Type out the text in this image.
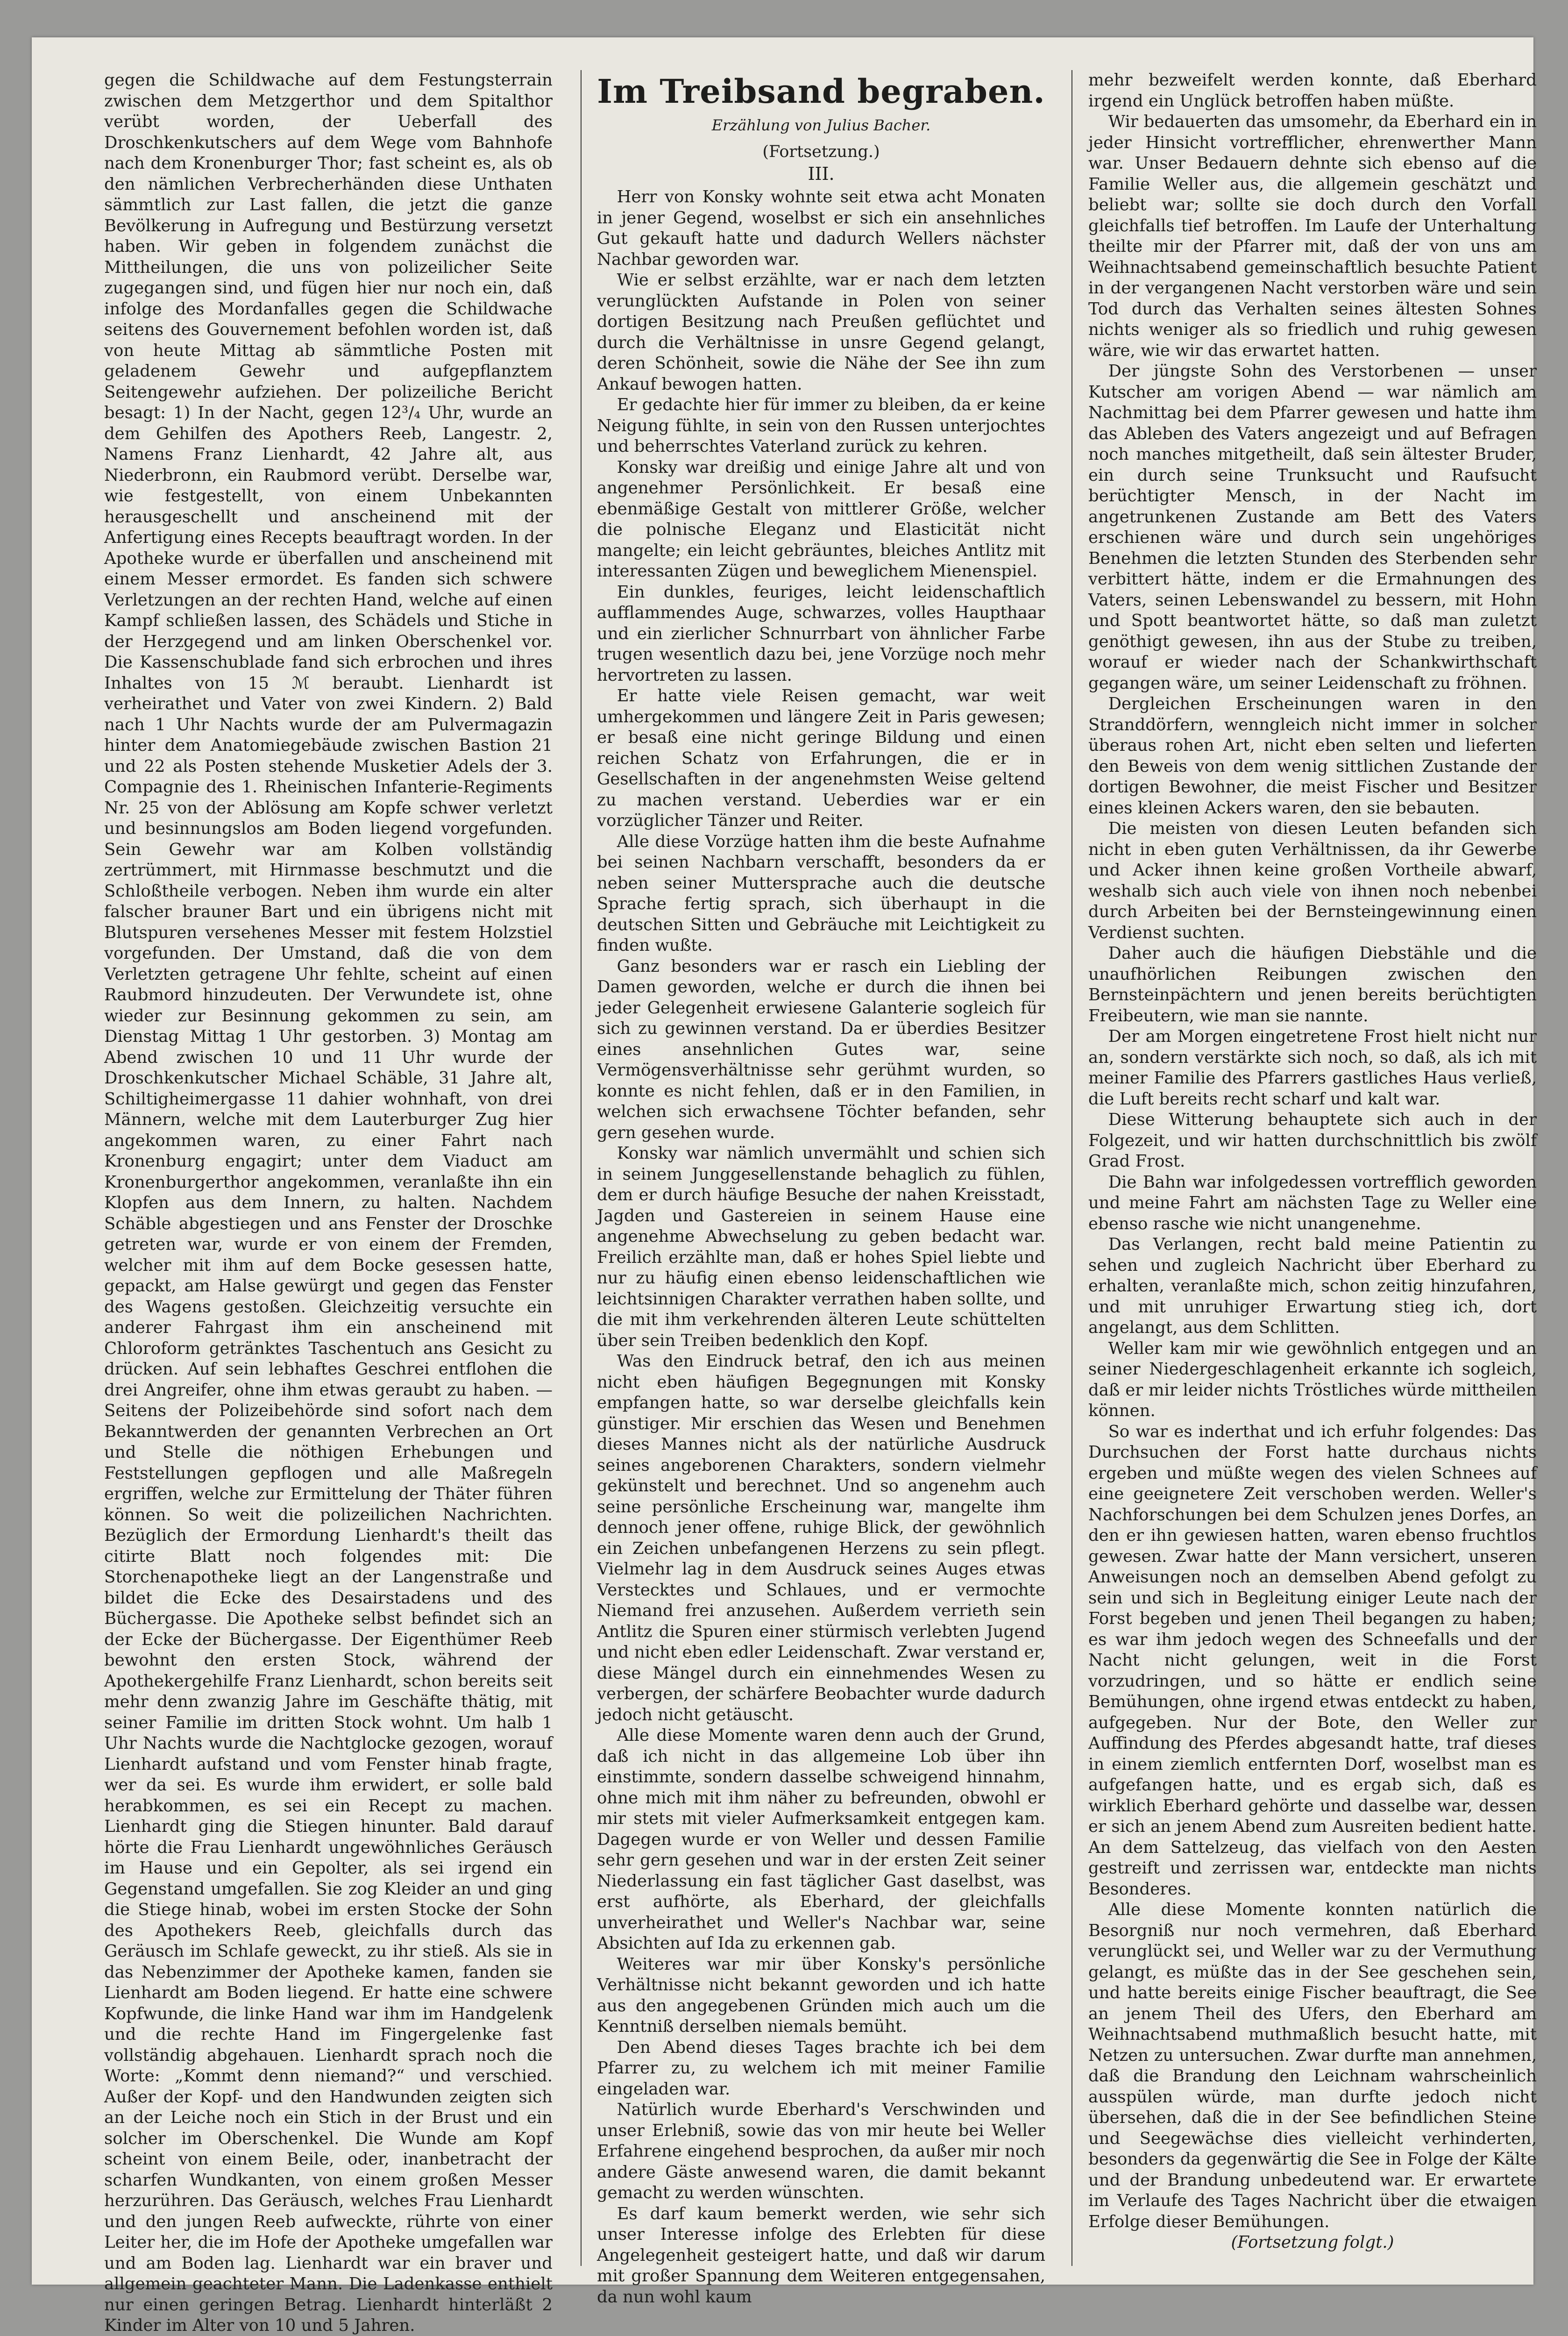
gegen die Schildwache auf dem Festungsterrain zwischen dem Metzgerthor und dem Spitalthor verübt worden, der Ueberfall des Droschkenkutschers auf dem Wege vom Bahnhofe nach dem Kronenburger Thor; fast scheint es, als ob den nämlichen Verbrecherhänden diese Unthaten sämmtlich zur Last fallen, die jetzt die ganze Bevölkerung in Aufregung und Bestürzung versetzt haben. Wir geben in folgendem zunächst die Mittheilungen, die uns von polizeilicher Seite zugegangen sind, und fügen hier nur noch ein, daß infolge des Mordanfalles gegen die Schildwache seitens des Gouvernement befohlen worden ist, daß von heute Mittag ab sämmtliche Posten mit geladenem Gewehr und aufgepflanztem Seitengewehr aufziehen. Der polizeiliche Bericht besagt: 1) In der Nacht, gegen 12³/₄ Uhr, wurde an dem Gehilfen des Apothers Reeb, Langestr. 2, Namens Franz Lienhardt, 42 Jahre alt, aus Niederbronn, ein Raubmord verübt. Derselbe war, wie festgestellt, von einem Unbekannten herausgeschellt und anscheinend mit der Anfertigung eines Recepts beauftragt worden. In der Apotheke wurde er überfallen und anscheinend mit einem Messer ermordet. Es fanden sich schwere Verletzungen an der rechten Hand, welche auf einen Kampf schließen lassen, des Schädels und Stiche in der Herzgegend und am linken Oberschenkel vor. Die Kassenschublade fand sich erbrochen und ihres Inhaltes von 15 ℳ beraubt. Lienhardt ist verheirathet und Vater von zwei Kindern. 2) Bald nach 1 Uhr Nachts wurde der am Pulvermagazin hinter dem Anatomiegebäude zwischen Bastion 21 und 22 als Posten stehende Musketier Adels der 3. Compagnie des 1. Rheinischen Infanterie-Regiments Nr. 25 von der Ablösung am Kopfe schwer verletzt und besinnungslos am Boden liegend vorgefunden. Sein Gewehr war am Kolben vollständig zertrümmert, mit Hirnmasse beschmutzt und die Schloßtheile verbogen. Neben ihm wurde ein alter falscher brauner Bart und ein übrigens nicht mit Blutspuren versehenes Messer mit festem Holzstiel vorgefunden. Der Umstand, daß die von dem Verletzten getragene Uhr fehlte, scheint auf einen Raubmord hinzudeuten. Der Verwundete ist, ohne wieder zur Besinnung gekommen zu sein, am Dienstag Mittag 1 Uhr gestorben. 3) Montag am Abend zwischen 10 und 11 Uhr wurde der Droschkenkutscher Michael Schäble, 31 Jahre alt, Schiltigheimergasse 11 dahier wohnhaft, von drei Männern, welche mit dem Lauterburger Zug hier angekommen waren, zu einer Fahrt nach Kronenburg engagirt; unter dem Viaduct am Kronenburgerthor angekommen, veranlaßte ihn ein Klopfen aus dem Innern, zu halten. Nachdem Schäble abgestiegen und ans Fenster der Droschke getreten war, wurde er von einem der Fremden, welcher mit ihm auf dem Bocke gesessen hatte, gepackt, am Halse gewürgt und gegen das Fenster des Wagens gestoßen. Gleichzeitig versuchte ein anderer Fahrgast ihm ein anscheinend mit Chloroform getränktes Taschentuch ans Gesicht zu drücken. Auf sein lebhaftes Geschrei entflohen die drei Angreifer, ohne ihm etwas geraubt zu haben. — Seitens der Polizeibehörde sind sofort nach dem Bekanntwerden der genannten Verbrechen an Ort und Stelle die nöthigen Erhebungen und Feststellungen gepflogen und alle Maßregeln ergriffen, welche zur Ermittelung der Thäter führen können. So weit die polizeilichen Nachrichten. Bezüglich der Ermordung Lienhardt's theilt das citirte Blatt noch folgendes mit: Die Storchenapotheke liegt an der Langenstraße und bildet die Ecke des Desairstadens und des Büchergasse. Die Apotheke selbst befindet sich an der Ecke der Büchergasse. Der Eigenthümer Reeb bewohnt den ersten Stock, während der Apothekergehilfe Franz Lienhardt, schon bereits seit mehr denn zwanzig Jahre im Geschäfte thätig, mit seiner Familie im dritten Stock wohnt. Um halb 1 Uhr Nachts wurde die Nachtglocke gezogen, worauf Lienhardt aufstand und vom Fenster hinab fragte, wer da sei. Es wurde ihm erwidert, er solle bald herabkommen, es sei ein Recept zu machen. Lienhardt ging die Stiegen hinunter. Bald darauf hörte die Frau Lienhardt ungewöhnliches Geräusch im Hause und ein Gepolter, als sei irgend ein Gegenstand umgefallen. Sie zog Kleider an und ging die Stiege hinab, wobei im ersten Stocke der Sohn des Apothekers Reeb, gleichfalls durch das Geräusch im Schlafe geweckt, zu ihr stieß. Als sie in das Nebenzimmer der Apotheke kamen, fanden sie Lienhardt am Boden liegend. Er hatte eine schwere Kopfwunde, die linke Hand war ihm im Handgelenk und die rechte Hand im Fingergelenke fast vollständig abgehauen. Lienhardt sprach noch die Worte: „Kommt denn niemand?“ und verschied. Außer der Kopf- und den Handwunden zeigten sich an der Leiche noch ein Stich in der Brust und ein solcher im Oberschenkel. Die Wunde am Kopf scheint von einem Beile, oder, inanbetracht der scharfen Wundkanten, von einem großen Messer herzurühren. Das Geräusch, welches Frau Lienhardt und den jungen Reeb aufweckte, rührte von einer Leiter her, die im Hofe der Apotheke umgefallen war und am Boden lag. Lienhardt war ein braver und allgemein geachteter Mann. Die Ladenkasse enthielt nur einen geringen Betrag. Lienhardt hinterläßt 2 Kinder im Alter von 10 und 5 Jahren.

Im Treibsand begraben.
Erzählung von Julius Bacher.
(Fortsetzung.)
III.

Herr von Konsky wohnte seit etwa acht Monaten in jener Gegend, woselbst er sich ein ansehnliches Gut gekauft hatte und dadurch Wellers nächster Nachbar geworden war.

Wie er selbst erzählte, war er nach dem letzten verunglückten Aufstande in Polen von seiner dortigen Besitzung nach Preußen geflüchtet und durch die Verhältnisse in unsre Gegend gelangt, deren Schönheit, sowie die Nähe der See ihn zum Ankauf bewogen hatten.

Er gedachte hier für immer zu bleiben, da er keine Neigung fühlte, in sein von den Russen unterjochtes und beherrschtes Vaterland zurück zu kehren.

Konsky war dreißig und einige Jahre alt und von angenehmer Persönlichkeit. Er besaß eine ebenmäßige Gestalt von mittlerer Größe, welcher die polnische Eleganz und Elasticität nicht mangelte; ein leicht gebräuntes, bleiches Antlitz mit interessanten Zügen und beweglichem Mienenspiel.

Ein dunkles, feuriges, leicht leidenschaftlich aufflammendes Auge, schwarzes, volles Haupthaar und ein zierlicher Schnurrbart von ähnlicher Farbe trugen wesentlich dazu bei, jene Vorzüge noch mehr hervortreten zu lassen.

Er hatte viele Reisen gemacht, war weit umhergekommen und längere Zeit in Paris gewesen; er besaß eine nicht geringe Bildung und einen reichen Schatz von Erfahrungen, die er in Gesellschaften in der angenehmsten Weise geltend zu machen verstand. Ueberdies war er ein vorzüglicher Tänzer und Reiter.

Alle diese Vorzüge hatten ihm die beste Aufnahme bei seinen Nachbarn verschafft, besonders da er neben seiner Muttersprache auch die deutsche Sprache fertig sprach, sich überhaupt in die deutschen Sitten und Gebräuche mit Leichtigkeit zu finden wußte.

Ganz besonders war er rasch ein Liebling der Damen geworden, welche er durch die ihnen bei jeder Gelegenheit erwiesene Galanterie sogleich für sich zu gewinnen verstand. Da er überdies Besitzer eines ansehnlichen Gutes war, seine Vermögensverhältnisse sehr gerühmt wurden, so konnte es nicht fehlen, daß er in den Familien, in welchen sich erwachsene Töchter befanden, sehr gern gesehen wurde.

Konsky war nämlich unvermählt und schien sich in seinem Junggesellenstande behaglich zu fühlen, dem er durch häufige Besuche der nahen Kreisstadt, Jagden und Gastereien in seinem Hause eine angenehme Abwechselung zu geben bedacht war. Freilich erzählte man, daß er hohes Spiel liebte und nur zu häufig einen ebenso leidenschaftlichen wie leichtsinnigen Charakter verrathen haben sollte, und die mit ihm verkehrenden älteren Leute schüttelten über sein Treiben bedenklich den Kopf.

Was den Eindruck betraf, den ich aus meinen nicht eben häufigen Begegnungen mit Konsky empfangen hatte, so war derselbe gleichfalls kein günstiger. Mir erschien das Wesen und Benehmen dieses Mannes nicht als der natürliche Ausdruck seines angeborenen Charakters, sondern vielmehr gekünstelt und berechnet. Und so angenehm auch seine persönliche Erscheinung war, mangelte ihm dennoch jener offene, ruhige Blick, der gewöhnlich ein Zeichen unbefangenen Herzens zu sein pflegt. Vielmehr lag in dem Ausdruck seines Auges etwas Verstecktes und Schlaues, und er vermochte Niemand frei anzusehen. Außerdem verrieth sein Antlitz die Spuren einer stürmisch verlebten Jugend und nicht eben edler Leidenschaft. Zwar verstand er, diese Mängel durch ein einnehmendes Wesen zu verbergen, der schärfere Beobachter wurde dadurch jedoch nicht getäuscht.

Alle diese Momente waren denn auch der Grund, daß ich nicht in das allgemeine Lob über ihn einstimmte, sondern dasselbe schweigend hinnahm, ohne mich mit ihm näher zu befreunden, obwohl er mir stets mit vieler Aufmerksamkeit entgegen kam. Dagegen wurde er von Weller und dessen Familie sehr gern gesehen und war in der ersten Zeit seiner Niederlassung ein fast täglicher Gast daselbst, was erst aufhörte, als Eberhard, der gleichfalls unverheirathet und Weller's Nachbar war, seine Absichten auf Ida zu erkennen gab.

Weiteres war mir über Konsky's persönliche Verhältnisse nicht bekannt geworden und ich hatte aus den angegebenen Gründen mich auch um die Kenntniß derselben niemals bemüht.

Den Abend dieses Tages brachte ich bei dem Pfarrer zu, zu welchem ich mit meiner Familie eingeladen war.

Natürlich wurde Eberhard's Verschwinden und unser Erlebniß, sowie das von mir heute bei Weller Erfahrene eingehend besprochen, da außer mir noch andere Gäste anwesend waren, die damit bekannt gemacht zu werden wünschten.

Es darf kaum bemerkt werden, wie sehr sich unser Interesse infolge des Erlebten für diese Angelegenheit gesteigert hatte, und daß wir darum mit großer Spannung dem Weiteren entgegensahen, da nun wohl kaum

mehr bezweifelt werden konnte, daß Eberhard irgend ein Unglück betroffen haben müßte.

Wir bedauerten das umsomehr, da Eberhard ein in jeder Hinsicht vortrefflicher, ehrenwerther Mann war. Unser Bedauern dehnte sich ebenso auf die Familie Weller aus, die allgemein geschätzt und beliebt war; sollte sie doch durch den Vorfall gleichfalls tief betroffen. Im Laufe der Unterhaltung theilte mir der Pfarrer mit, daß der von uns am Weihnachtsabend gemeinschaftlich besuchte Patient in der vergangenen Nacht verstorben wäre und sein Tod durch das Verhalten seines ältesten Sohnes nichts weniger als so friedlich und ruhig gewesen wäre, wie wir das erwartet hatten.

Der jüngste Sohn des Verstorbenen — unser Kutscher am vorigen Abend — war nämlich am Nachmittag bei dem Pfarrer gewesen und hatte ihm das Ableben des Vaters angezeigt und auf Befragen noch manches mitgetheilt, daß sein ältester Bruder, ein durch seine Trunksucht und Raufsucht berüchtigter Mensch, in der Nacht im angetrunkenen Zustande am Bett des Vaters erschienen wäre und durch sein ungehöriges Benehmen die letzten Stunden des Sterbenden sehr verbittert hätte, indem er die Ermahnungen des Vaters, seinen Lebenswandel zu bessern, mit Hohn und Spott beantwortet hätte, so daß man zuletzt genöthigt gewesen, ihn aus der Stube zu treiben, worauf er wieder nach der Schankwirthschaft gegangen wäre, um seiner Leidenschaft zu fröhnen.

Dergleichen Erscheinungen waren in den Stranddörfern, wenngleich nicht immer in solcher überaus rohen Art, nicht eben selten und lieferten den Beweis von dem wenig sittlichen Zustande der dortigen Bewohner, die meist Fischer und Besitzer eines kleinen Ackers waren, den sie bebauten.

Die meisten von diesen Leuten befanden sich nicht in eben guten Verhältnissen, da ihr Gewerbe und Acker ihnen keine großen Vortheile abwarf, weshalb sich auch viele von ihnen noch nebenbei durch Arbeiten bei der Bernsteingewinnung einen Verdienst suchten.

Daher auch die häufigen Diebstähle und die unaufhörlichen Reibungen zwischen den Bernsteinpächtern und jenen bereits berüchtigten Freibeutern, wie man sie nannte.

Der am Morgen eingetretene Frost hielt nicht nur an, sondern verstärkte sich noch, so daß, als ich mit meiner Familie des Pfarrers gastliches Haus verließ, die Luft bereits recht scharf und kalt war.

Diese Witterung behauptete sich auch in der Folgezeit, und wir hatten durchschnittlich bis zwölf Grad Frost.

Die Bahn war infolgedessen vortrefflich geworden und meine Fahrt am nächsten Tage zu Weller eine ebenso rasche wie nicht unangenehme.

Das Verlangen, recht bald meine Patientin zu sehen und zugleich Nachricht über Eberhard zu erhalten, veranlaßte mich, schon zeitig hinzufahren, und mit unruhiger Erwartung stieg ich, dort angelangt, aus dem Schlitten.

Weller kam mir wie gewöhnlich entgegen und an seiner Niedergeschlagenheit erkannte ich sogleich, daß er mir leider nichts Tröstliches würde mittheilen können.

So war es inderthat und ich erfuhr folgendes: Das Durchsuchen der Forst hatte durchaus nichts ergeben und müßte wegen des vielen Schnees auf eine geeignetere Zeit verschoben werden. Weller's Nachforschungen bei dem Schulzen jenes Dorfes, an den er ihn gewiesen hatten, waren ebenso fruchtlos gewesen. Zwar hatte der Mann versichert, unseren Anweisungen noch an demselben Abend gefolgt zu sein und sich in Begleitung einiger Leute nach der Forst begeben und jenen Theil begangen zu haben; es war ihm jedoch wegen des Schneefalls und der Nacht nicht gelungen, weit in die Forst vorzudringen, und so hätte er endlich seine Bemühungen, ohne irgend etwas entdeckt zu haben, aufgegeben. Nur der Bote, den Weller zur Auffindung des Pferdes abgesandt hatte, traf dieses in einem ziemlich entfernten Dorf, woselbst man es aufgefangen hatte, und es ergab sich, daß es wirklich Eberhard gehörte und dasselbe war, dessen er sich an jenem Abend zum Ausreiten bedient hatte. An dem Sattelzeug, das vielfach von den Aesten gestreift und zerrissen war, entdeckte man nichts Besonderes.

Alle diese Momente konnten natürlich die Besorgniß nur noch vermehren, daß Eberhard verunglückt sei, und Weller war zu der Vermuthung gelangt, es müßte das in der See geschehen sein, und hatte bereits einige Fischer beauftragt, die See an jenem Theil des Ufers, den Eberhard am Weihnachtsabend muthmaßlich besucht hatte, mit Netzen zu untersuchen. Zwar durfte man annehmen, daß die Brandung den Leichnam wahrscheinlich ausspülen würde, man durfte jedoch nicht übersehen, daß die in der See befindlichen Steine und Seegewächse dies vielleicht verhinderten, besonders da gegenwärtig die See in Folge der Kälte und der Brandung unbedeutend war. Er erwartete im Verlaufe des Tages Nachricht über die etwaigen Erfolge dieser Bemühungen.

(Fortsetzung folgt.)
